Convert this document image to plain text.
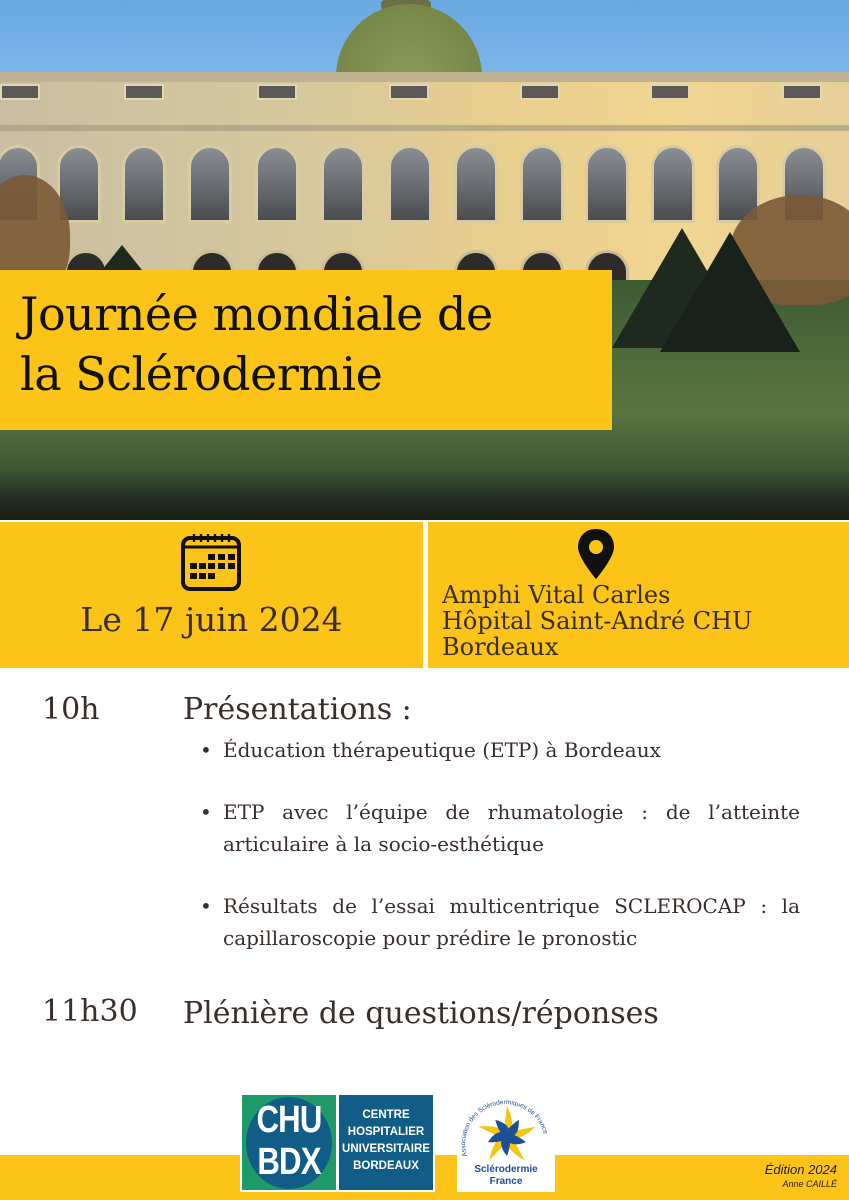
Journée mondiale de
la Sclérodermie
Le 17 juin 2024
Amphi Vital Carles
Hôpital Saint-André CHU
Bordeaux
10h	Présentations :
• Éducation thérapeutique (ETP) à Bordeaux
• ETP avec l’équipe de rhumatologie : de l’atteinte articulaire à la socio-esthétique
• Résultats de l’essai multicentrique SCLEROCAP : la capillaroscopie pour prédire le pronostic
11h30 Plénière de questions/réponses
CHU
BDX
CENTRE
HOSPITALIER
UNIVERSITAIRE
BORDEAUX
Association des Sclérodermiques de France
Sclérodermie
France
Édition 2024
Anne CAILLÉ
